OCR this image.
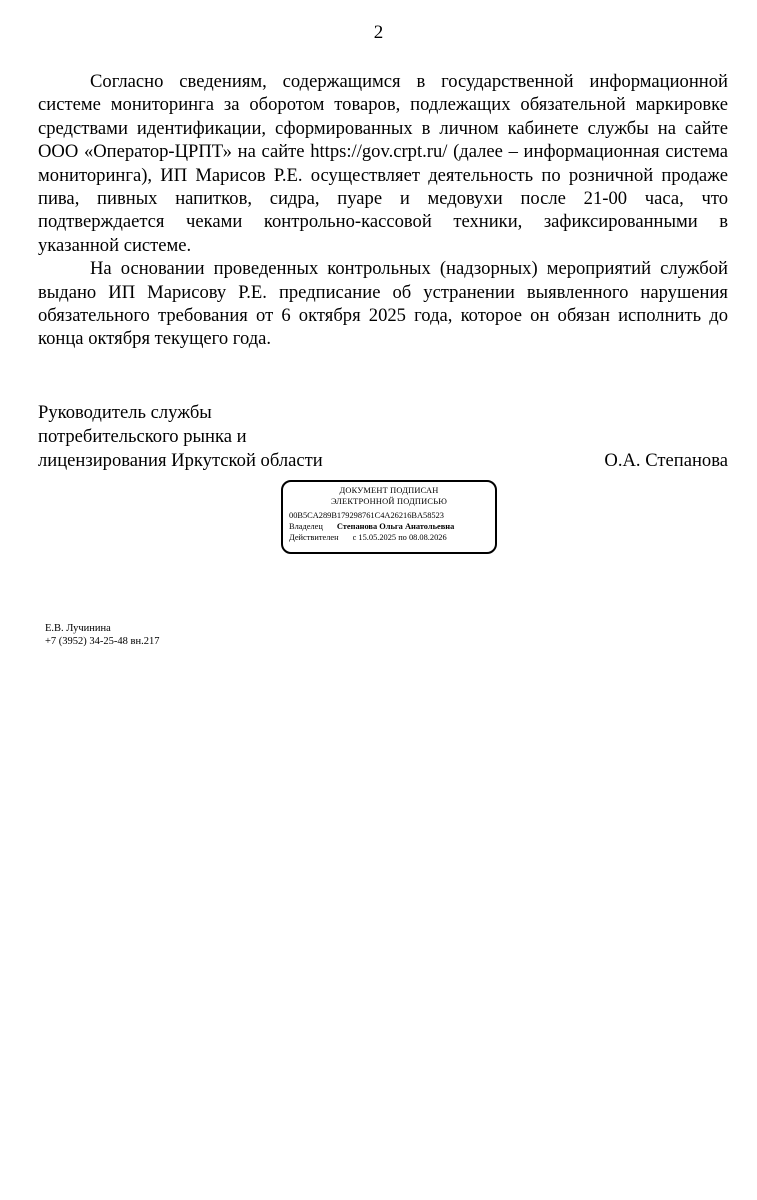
2

Согласно сведениям, содержащимся в государственной информационной системе мониторинга за оборотом товаров, подлежащих обязательной маркировке средствами идентификации, сформированных в личном кабинете службы на сайте ООО «Оператор-ЦРПТ» на сайте https://gov.crpt.ru/ (далее – информационная система мониторинга), ИП Марисов Р.Е. осуществляет деятельность по розничной продаже пива, пивных напитков, сидра, пуаре и медовухи после 21-00 часа, что подтверждается чеками контрольно-кассовой техники, зафиксированными в указанной системе.

На основании проведенных контрольных (надзорных) мероприятий службой выдано ИП Марисову Р.Е. предписание об устранении выявленного нарушения обязательного требования от 6 октября 2025 года, которое он обязан исполнить до конца октября текущего года.

Руководитель службы
потребительского рынка и
лицензирования Иркутской области	О.А. Степанова
ДОКУМЕНТ ПОДПИСАН
ЭЛЕКТРОННОЙ ПОДПИСЬЮ
00B5CA289B179298761C4A26216BA58523
Владелец Степанова Ольга Анатольевна
Действителен с 15.05.2025 по 08.08.2026
Е.В. Лучинина
+7 (3952) 34-25-48 вн.217
